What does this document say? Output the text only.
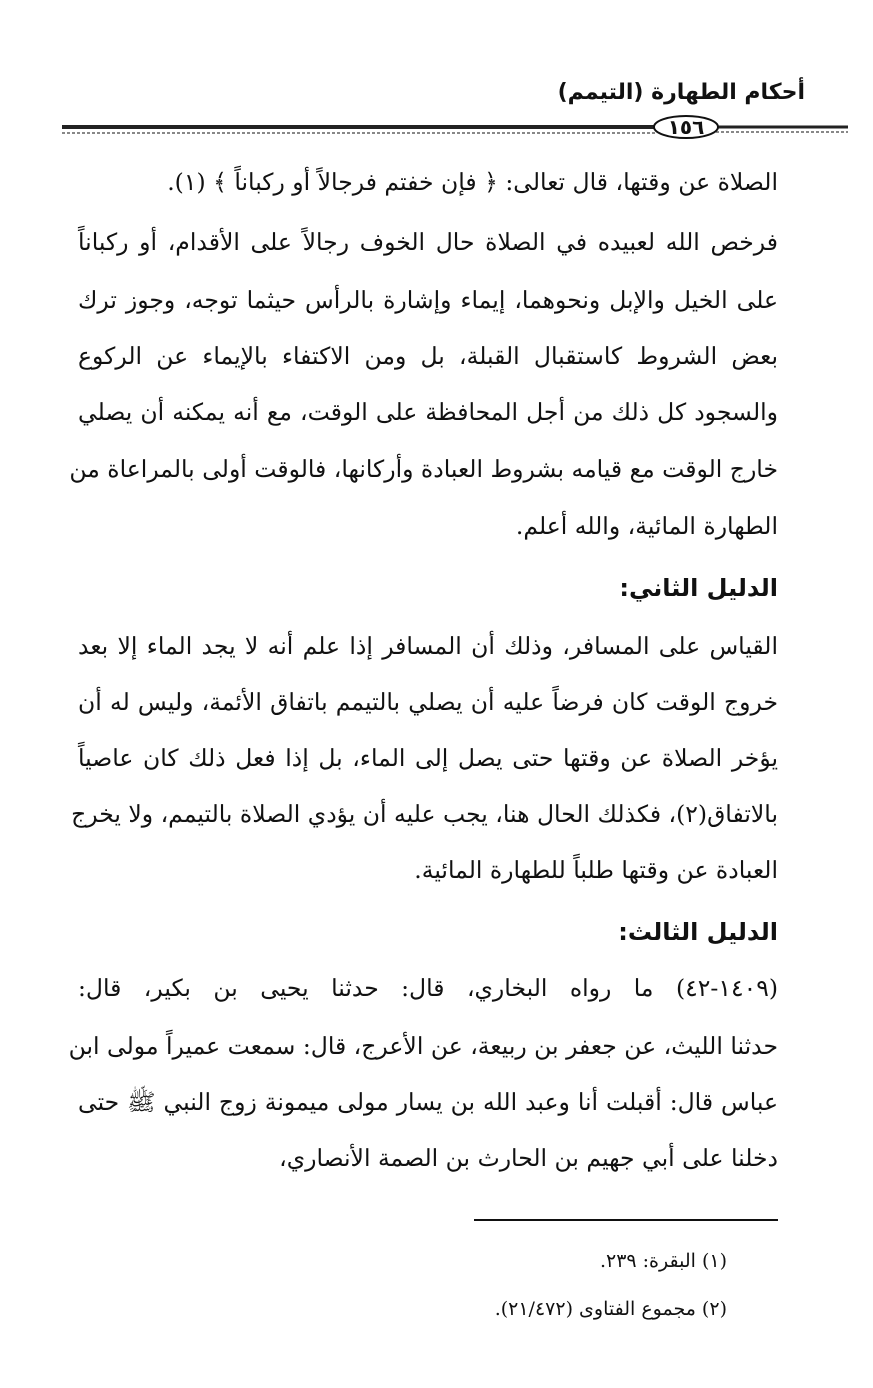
أحكام الطهارة (التيمم)
١٥٦
الصلاة عن وقتها، قال تعالى: ﴿ فإن خفتم فرجالاً أو ركباناً ﴾ (١).
فرخص الله لعبيده في الصلاة حال الخوف رجالاً على الأقدام، أو ركباناً
على الخيل والإبل ونحوهما، إيماء وإشارة بالرأس حيثما توجه، وجوز ترك
بعض الشروط كاستقبال القبلة، بل ومن الاكتفاء بالإيماء عن الركوع
والسجود كل ذلك من أجل المحافظة على الوقت، مع أنه يمكنه أن يصلي
خارج الوقت مع قيامه بشروط العبادة وأركانها، فالوقت أولى بالمراعاة من
الطهارة المائية، والله أعلم.
الدليل الثاني:
القياس على المسافر، وذلك أن المسافر إذا علم أنه لا يجد الماء إلا بعد
خروج الوقت كان فرضاً عليه أن يصلي بالتيمم باتفاق الأئمة، وليس له أن
يؤخر الصلاة عن وقتها حتى يصل إلى الماء، بل إذا فعل ذلك كان عاصياً
بالاتفاق(٢)، فكذلك الحال هنا، يجب عليه أن يؤدي الصلاة بالتيمم، ولا يخرج
العبادة عن وقتها طلباً للطهارة المائية.
الدليل الثالث:
(١٤٠٩-٤٢) ما رواه البخاري، قال: حدثنا يحيى بن بكير، قال:
حدثنا الليث، عن جعفر بن ربيعة، عن الأعرج، قال: سمعت عميراً مولى ابن
عباس قال: أقبلت أنا وعبد الله بن يسار مولى ميمونة زوج النبي ﷺ حتى
دخلنا على أبي جهيم بن الحارث بن الصمة الأنصاري،
(١) البقرة: ٢٣٩.
(٢) مجموع الفتاوى (٢١/٤٧٢).
